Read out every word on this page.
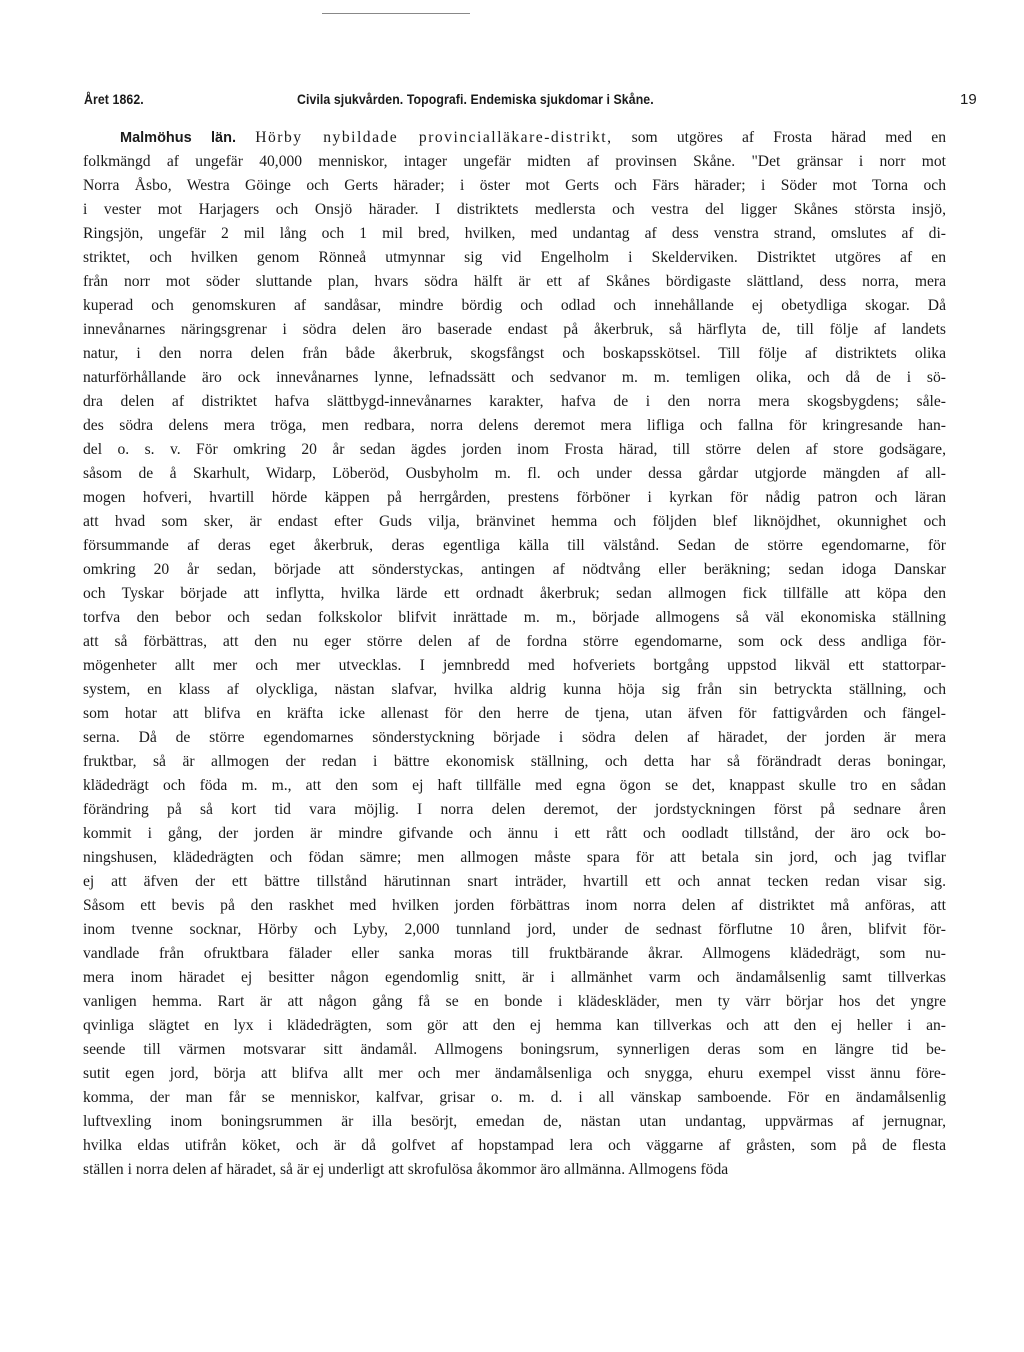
Året 1862.	Civila sjukvården. Topografi. Endemiska sjukdomar i Skåne.	19
Malmöhus län. Hörby nybildade provincialläkare-distrikt, som utgöres af Frosta härad med en
folkmängd af ungefär 40,000 menniskor, intager ungefär midten af provinsen Skåne. "Det gränsar i norr mot
Norra Åsbo, Westra Göinge och Gerts härader; i öster mot Gerts och Färs härader; i Söder mot Torna och
i vester mot Harjagers och Onsjö härader. I distriktets medlersta och vestra del ligger Skånes största insjö,
Ringsjön, ungefär 2 mil lång och 1 mil bred, hvilken, med undantag af dess venstra strand, omslutes af di-
striktet, och hvilken genom Rönneå utmynnar sig vid Engelholm i Skelderviken. Distriktet utgöres af en
från norr mot söder sluttande plan, hvars södra hälft är ett af Skånes bördigaste slättland, dess norra, mera
kuperad och genomskuren af sandåsar, mindre bördig och odlad och innehållande ej obetydliga skogar. Då
innevånarnes näringsgrenar i södra delen äro baserade endast på åkerbruk, så härflyta de, till följe af landets
natur, i den norra delen från både åkerbruk, skogsfångst och boskapsskötsel. Till följe af distriktets olika
naturförhållande äro ock innevånarnes lynne, lefnadssätt och sedvanor m. m. temligen olika, och då de i sö-
dra delen af distriktet hafva slättbygd-innevånarnes karakter, hafva de i den norra mera skogsbygdens; såle-
des södra delens mera tröga, men redbara, norra delens deremot mera lifliga och fallna för kringresande han-
del o. s. v. För omkring 20 år sedan ägdes jorden inom Frosta härad, till större delen af store godsägare,
såsom de å Skarhult, Widarp, Löberöd, Ousbyholm m. fl. och under dessa gårdar utgjorde mängden af all-
mogen hofveri, hvartill hörde käppen på herrgården, prestens förböner i kyrkan för nådig patron och läran
att hvad som sker, är endast efter Guds vilja, bränvinet hemma och följden blef liknöjdhet, okunnighet och
försummande af deras eget åkerbruk, deras egentliga källa till välstånd. Sedan de större egendomarne, för
omkring 20 år sedan, började att sönderstyckas, antingen af nödtvång eller beräkning; sedan idoga Danskar
och Tyskar började att inflytta, hvilka lärde ett ordnadt åkerbruk; sedan allmogen fick tillfälle att köpa den
torfva den bebor och sedan folkskolor blifvit inrättade m. m., började allmogens så väl ekonomiska ställning
att så förbättras, att den nu eger större delen af de fordna större egendomarne, som ock dess andliga för-
mögenheter allt mer och mer utvecklas. I jemnbredd med hofveriets bortgång uppstod likväl ett stattorpar-
system, en klass af olyckliga, nästan slafvar, hvilka aldrig kunna höja sig från sin betryckta ställning, och
som hotar att blifva en kräfta icke allenast för den herre de tjena, utan äfven för fattigvården och fängel-
serna. Då de större egendomarnes sönderstyckning började i södra delen af häradet, der jorden är mera
fruktbar, så är allmogen der redan i bättre ekonomisk ställning, och detta har så förändradt deras boningar,
klädedrägt och föda m. m., att den som ej haft tillfälle med egna ögon se det, knappast skulle tro en sådan
förändring på så kort tid vara möjlig. I norra delen deremot, der jordstyckningen först på sednare åren
kommit i gång, der jorden är mindre gifvande och ännu i ett rått och oodladt tillstånd, der äro ock bo-
ningshusen, klädedrägten och födan sämre; men allmogen måste spara för att betala sin jord, och jag tviflar
ej att äfven der ett bättre tillstånd härutinnan snart inträder, hvartill ett och annat tecken redan visar sig.
Såsom ett bevis på den raskhet med hvilken jorden förbättras inom norra delen af distriktet må anföras, att
inom tvenne socknar, Hörby och Lyby, 2,000 tunnland jord, under de sednast förflutne 10 åren, blifvit för-
vandlade från ofruktbara fälader eller sanka moras till fruktbärande åkrar. Allmogens klädedrägt, som nu-
mera inom häradet ej besitter någon egendomlig snitt, är i allmänhet varm och ändamålsenlig samt tillverkas
vanligen hemma. Rart är att någon gång få se en bonde i klädeskläder, men ty värr börjar hos det yngre
qvinliga slägtet en lyx i klädedrägten, som gör att den ej hemma kan tillverkas och att den ej heller i an-
seende till värmen motsvarar sitt ändamål. Allmogens boningsrum, synnerligen deras som en längre tid be-
sutit egen jord, börja att blifva allt mer och mer ändamålsenliga och snygga, ehuru exempel visst ännu före-
komma, der man får se menniskor, kalfvar, grisar o. m. d. i all vänskap samboende. För en ändamålsenlig
luftvexling inom boningsrummen är illa besörjt, emedan de, nästan utan undantag, uppvärmas af jernugnar,
hvilka eldas utifrån köket, och är då golfvet af hopstampad lera och väggarne af gråsten, som på de flesta
ställen i norra delen af häradet, så är ej underligt att skrofulösa åkommor äro allmänna. Allmogens föda
